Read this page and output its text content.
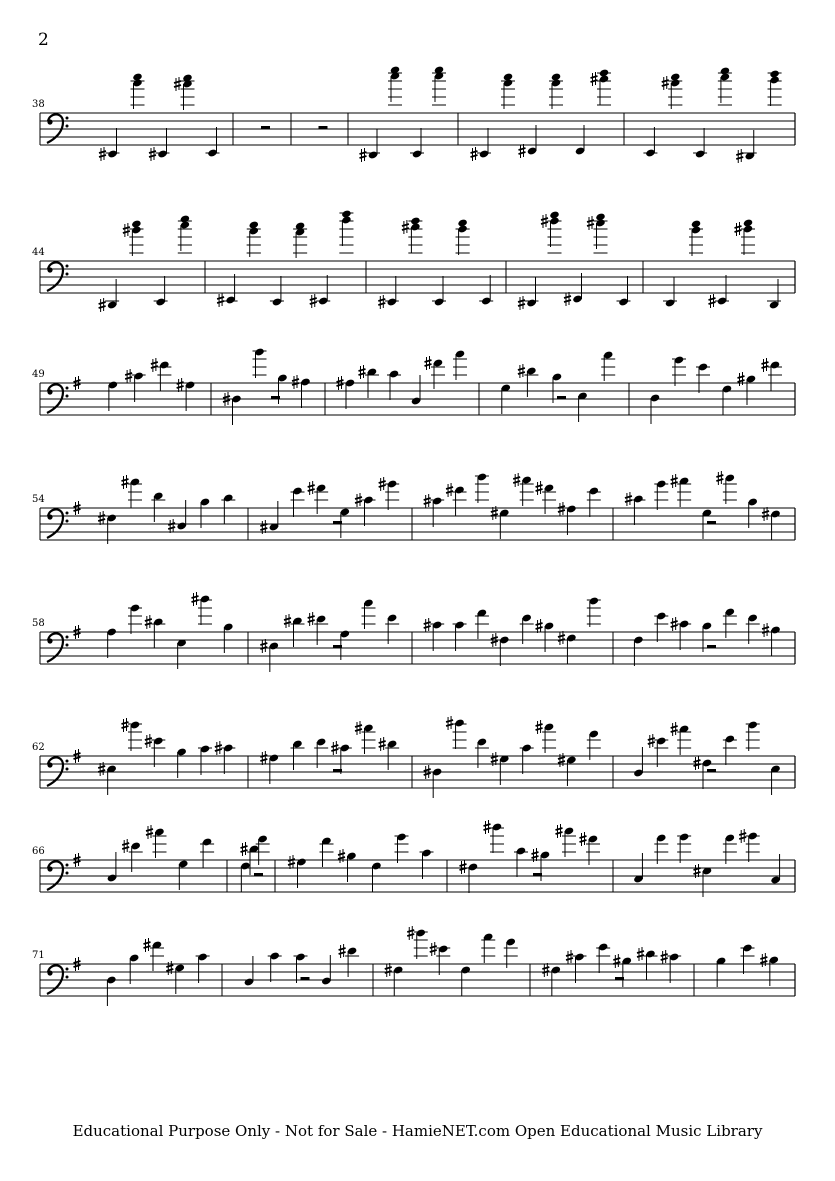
2
38
44
49
54
58
62
66
71
Educational Purpose Only - Not for Sale - HamieNET.com Open Educational Music Library
